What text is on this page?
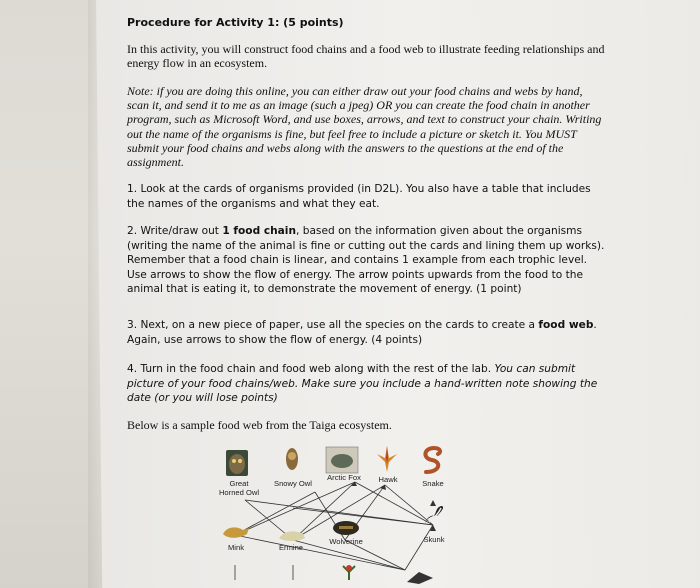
Procedure for Activity 1: (5 points)

In this activity, you will construct food chains and a food web to illustrate feeding relationships and energy flow in an ecosystem.

Note: if you are doing this online, you can either draw out your food chains and webs by hand, scan it, and send it to me as an image (such a jpeg) OR you can create the food chain in another program, such as Microsoft Word, and use boxes, arrows, and text to construct your chain. Writing out the name of the organisms is fine, but feel free to include a picture or sketch it. You MUST submit your food chains and webs along with the answers to the questions at the end of the assignment.

1. Look at the cards of organisms provided (in D2L). You also have a table that includes the names of the organisms and what they eat.

2. Write/draw out 1 food chain, based on the information given about the organisms (writing the name of the animal is fine or cutting out the cards and lining them up works). Remember that a food chain is linear, and contains 1 example from each trophic level. Use arrows to show the flow of energy. The arrow points upwards from the food to the animal that is eating it, to demonstrate the movement of energy. (1 point)

3. Next, on a new piece of paper, use all the species on the cards to create a food web. Again, use arrows to show the flow of energy. (4 points)

4. Turn in the food chain and food web along with the rest of the lab. You can submit picture of your food chains/web. Make sure you include a hand-written note showing the date (or you will lose points)

Below is a sample food web from the Taiga ecosystem.

Great Horned Owl
Snowy Owl
Arctic Fox	Hawk	Snake
Mink	Ermine
Wolverine	Skunk
